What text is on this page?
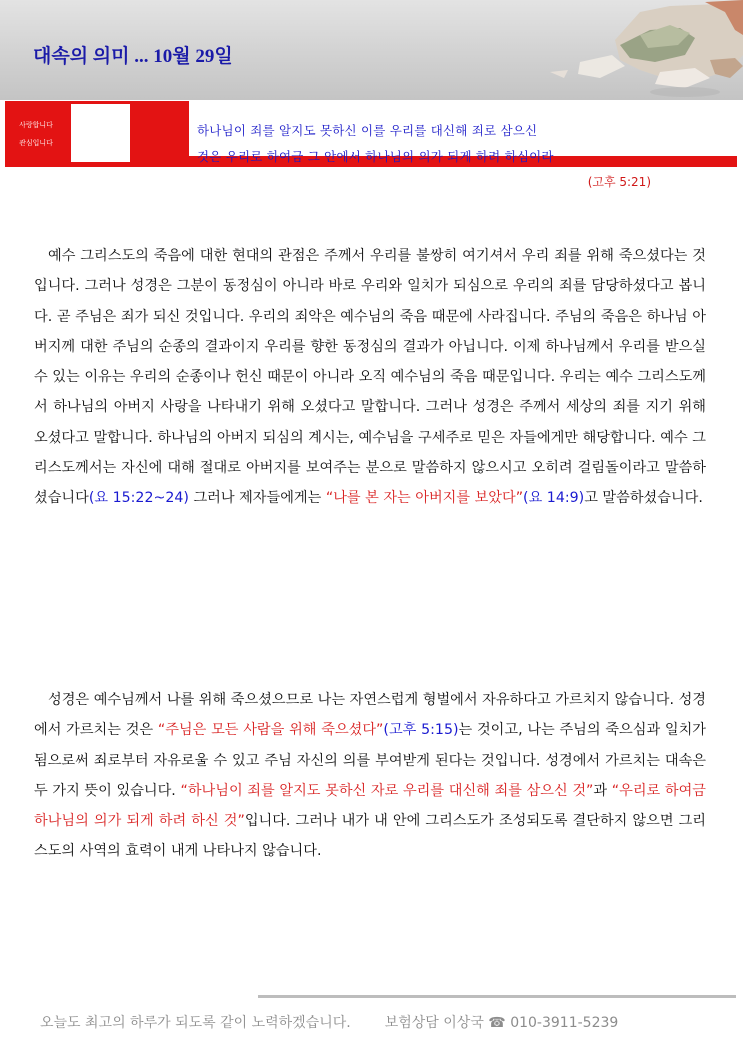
대속의 의미 ... 10월 29일
사랑합니다
관심입니다
하나님이 죄를 알지도 못하신 이를 우리를 대신해 죄로 삼으신
것은 우리로 하여금 그 안에서 하나님의 의가 되게 하려 하심이라
(고후 5:21)
예수 그리스도의 죽음에 대한 현대의 관점은 주께서 우리를 불쌍히 여기셔서 우리 죄를 위해 죽으셨다는 것입니다. 그러나 성경은 그분이 동정심이 아니라 바로 우리와 일치가 되심으로 우리의 죄를 담당하셨다고 봅니다. 곧 주님은 죄가 되신 것입니다. 우리의 죄악은 예수님의 죽음 때문에 사라집니다. 주님의 죽음은 하나님 아버지께 대한 주님의 순종의 결과이지 우리를 향한 동정심의 결과가 아닙니다. 이제 하나님께서 우리를 받으실 수 있는 이유는 우리의 순종이나 헌신 때문이 아니라 오직 예수님의 죽음 때문입니다. 우리는 예수 그리스도께서 하나님의 아버지 사랑을 나타내기 위해 오셨다고 말합니다. 그러나 성경은 주께서 세상의 죄를 지기 위해 오셨다고 말합니다. 하나님의 아버지 되심의 계시는, 예수님을 구세주로 믿은 자들에게만 해당합니다. 예수 그리스도께서는 자신에 대해 절대로 아버지를 보여주는 분으로 말씀하지 않으시고 오히려 걸림돌이라고 말씀하셨습니다(요 15:22~24) 그러나 제자들에게는 “나를 본 자는 아버지를 보았다”(요 14:9)고 말씀하셨습니다.
성경은 예수님께서 나를 위해 죽으셨으므로 나는 자연스럽게 형벌에서 자유하다고 가르치지 않습니다. 성경에서 가르치는 것은 “주님은 모든 사람을 위해 죽으셨다”(고후 5:15)는 것이고, 나는 주님의 죽으심과 일치가 됨으로써 죄로부터 자유로울 수 있고 주님 자신의 의를 부여받게 된다는 것입니다. 성경에서 가르치는 대속은 두 가지 뜻이 있습니다. “하나님이 죄를 알지도 못하신 자로 우리를 대신해 죄를 삼으신 것”과 “우리로 하여금 하나님의 의가 되게 하려 하신 것”입니다. 그러나 내가 내 안에 그리스도가 조성되도록 결단하지 않으면 그리스도의 사역의 효력이 내게 나타나지 않습니다.
오늘도 최고의 하루가 되도록 같이 노력하겠습니다. 보험상담 이상국 ☎ 010-3911-5239
